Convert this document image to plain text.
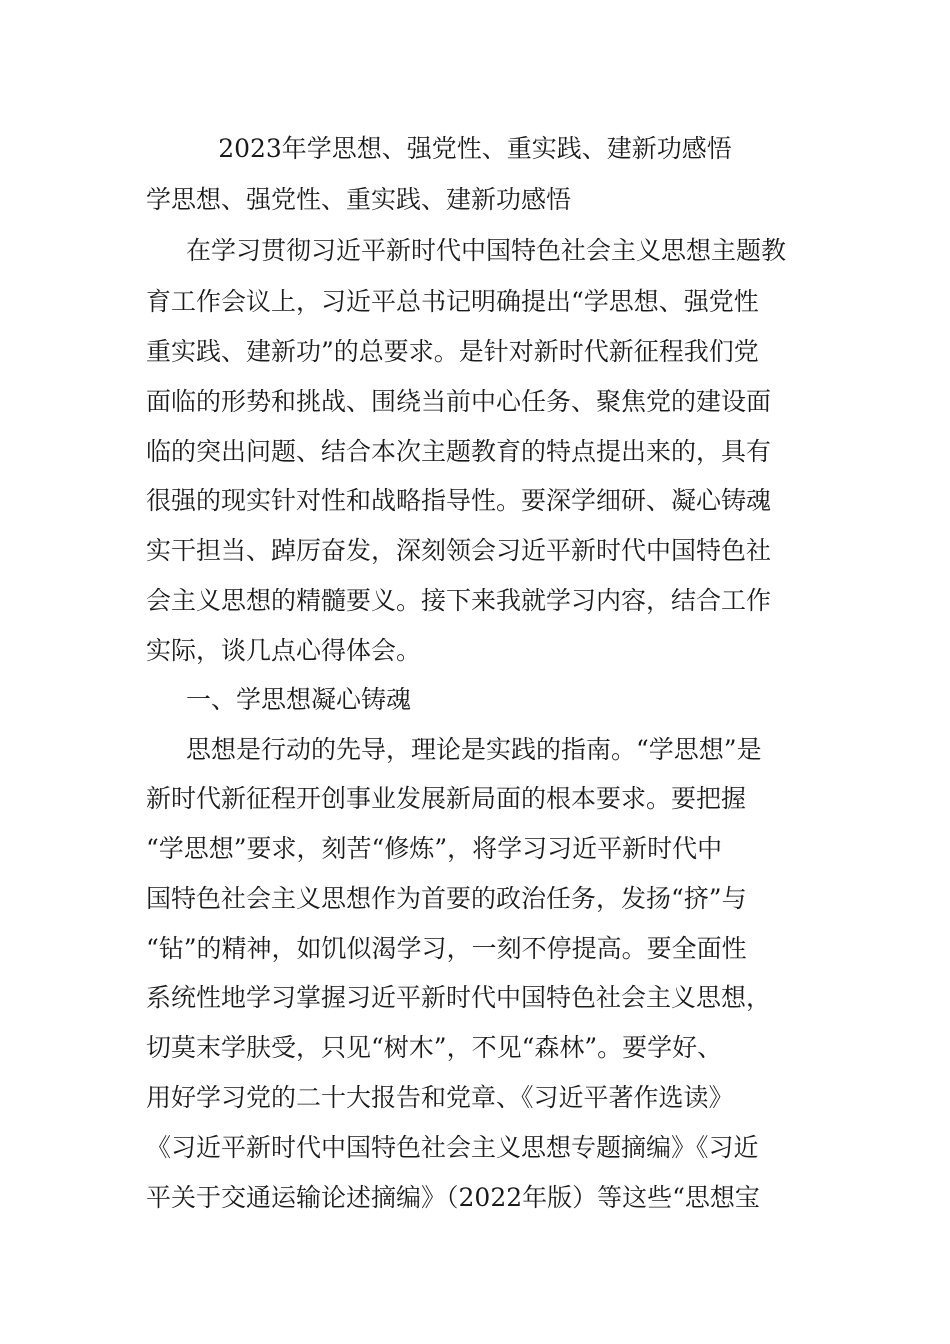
2023年学思想、强党性、重实践、建新功感悟
学思想、强党性、重实践、建新功感悟
在学习贯彻习近平新时代中国特色社会主义思想主题教
育工作会议上，习近平总书记明确提出“学思想、强党性
重实践、建新功”的总要求。是针对新时代新征程我们党
面临的形势和挑战、围绕当前中心任务、聚焦党的建设面
临的突出问题、结合本次主题教育的特点提出来的，具有
很强的现实针对性和战略指导性。要深学细研、凝心铸魂
实干担当、踔厉奋发，深刻领会习近平新时代中国特色社
会主义思想的精髓要义。接下来我就学习内容，结合工作
实际，谈几点心得体会。
一、学思想凝心铸魂
思想是行动的先导，理论是实践的指南。“学思想”是
新时代新征程开创事业发展新局面的根本要求。要把握
“学思想”要求，刻苦“修炼”，将学习习近平新时代中
国特色社会主义思想作为首要的政治任务，发扬“挤”与
“钻”的精神，如饥似渴学习，一刻不停提高。要全面性
系统性地学习掌握习近平新时代中国特色社会主义思想，
切莫末学肤受，只见“树木”，不见“森林”。要学好、
用好学习党的二十大报告和党章、《习近平著作选读》
《习近平新时代中国特色社会主义思想专题摘编》《习近
平关于交通运输论述摘编》（2022年版）等这些“思想宝
